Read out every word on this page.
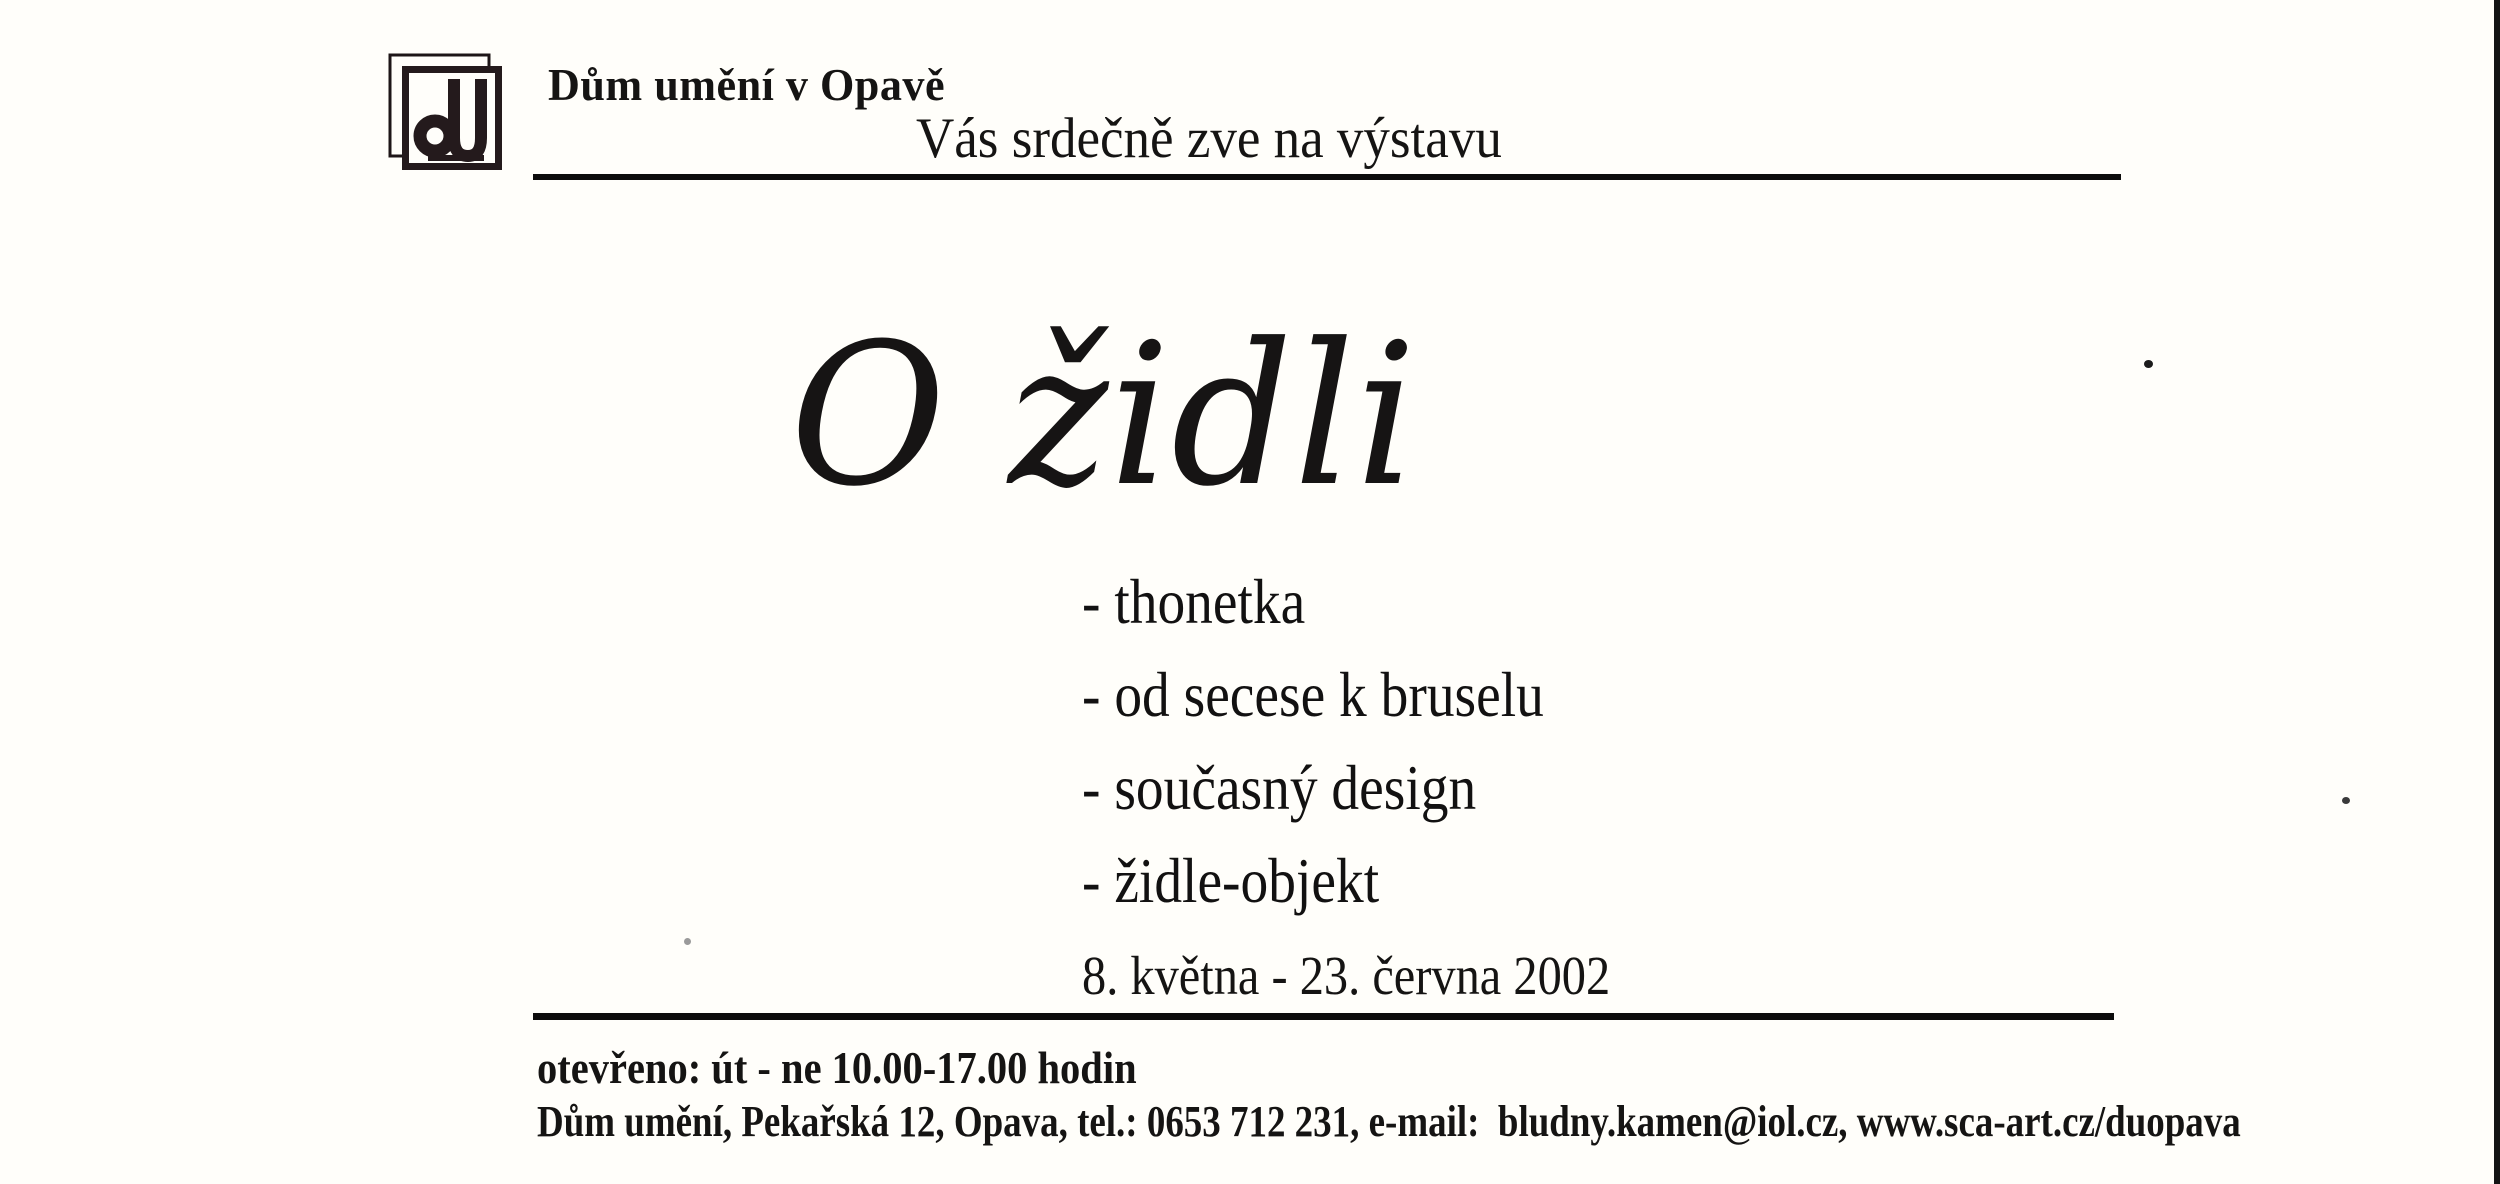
Dům umění v Opavě
Vás srdečně zve na výstavu
O židli
- thonetka
- od secese k bruselu
- současný design
- židle-objekt
8. května - 23. června 2002
otevřeno: út - ne 10.00-17.00 hodin
Dům umění, Pekařská 12, Opava, tel.: 0653 712 231, e-mail:  bludny.kamen@iol.cz, www.sca-art.cz/duopava
